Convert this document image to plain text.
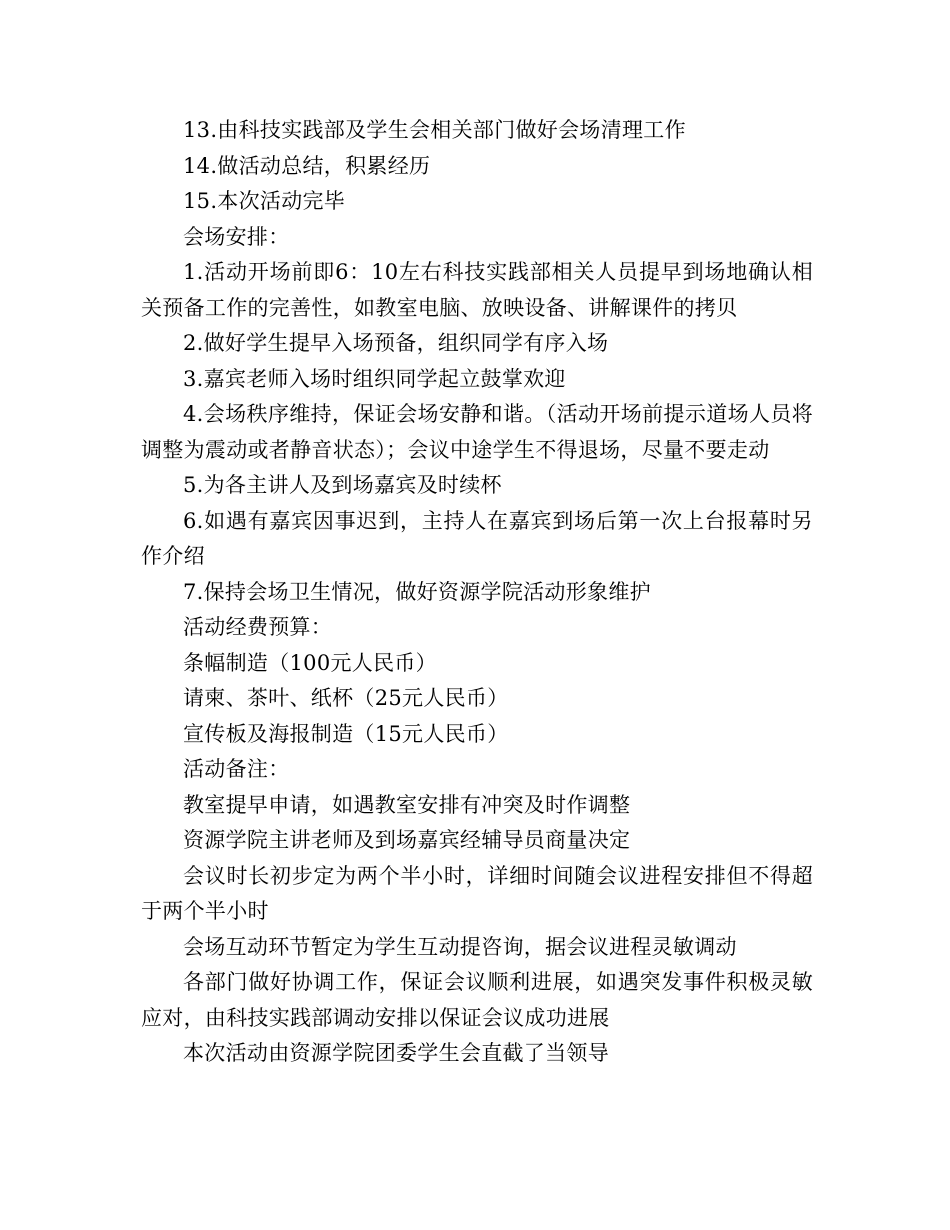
13.由科技实践部及学生会相关部门做好会场清理工作

14.做活动总结，积累经历

15.本次活动完毕

会场安排：

1.活动开场前即6：10左右科技实践部相关人员提早到场地确认相关预备工作的完善性，如教室电脑、放映设备、讲解课件的拷贝

2.做好学生提早入场预备，组织同学有序入场

3.嘉宾老师入场时组织同学起立鼓掌欢迎

4.会场秩序维持，保证会场安静和谐。（活动开场前提示道场人员将调整为震动或者静音状态）；会议中途学生不得退场，尽量不要走动

5.为各主讲人及到场嘉宾及时续杯

6.如遇有嘉宾因事迟到，主持人在嘉宾到场后第一次上台报幕时另作介绍

7.保持会场卫生情况，做好资源学院活动形象维护

活动经费预算：

条幅制造（100元人民币）

请柬、茶叶、纸杯（25元人民币）

宣传板及海报制造（15元人民币）

活动备注：

教室提早申请，如遇教室安排有冲突及时作调整

资源学院主讲老师及到场嘉宾经辅导员商量决定

会议时长初步定为两个半小时，详细时间随会议进程安排但不得超于两个半小时

会场互动环节暂定为学生互动提咨询，据会议进程灵敏调动

各部门做好协调工作，保证会议顺利进展，如遇突发事件积极灵敏应对，由科技实践部调动安排以保证会议成功进展

本次活动由资源学院团委学生会直截了当领导
